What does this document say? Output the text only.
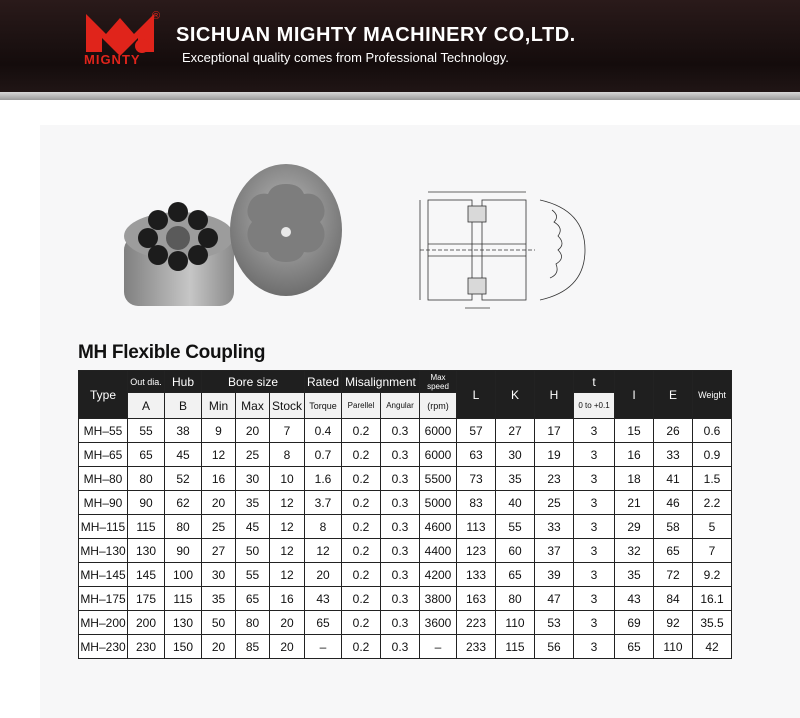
MIGNTY
®
SICHUAN MIGHTY MACHINERY CO,LTD.
Exceptional quality comes from Professional Technology.
MH Flexible Coupling
Type	Out dia.	Hub	Bore size			Rated	Misalignment		Max speed	L	K	H	t	I	E	Weight
	A	B	Min	Max	Stock	Torque	Parellel	Angular	(rpm)				0 to +0.1			
MH–55	55	38	9	20	7	0.4	0.2	0.3	6000	57	27	17	3	15	26	0.6
MH–65	65	45	12	25	8	0.7	0.2	0.3	6000	63	30	19	3	16	33	0.9
MH–80	80	52	16	30	10	1.6	0.2	0.3	5500	73	35	23	3	18	41	1.5
MH–90	90	62	20	35	12	3.7	0.2	0.3	5000	83	40	25	3	21	46	2.2
MH–115	115	80	25	45	12	8	0.2	0.3	4600	113	55	33	3	29	58	5
MH–130	130	90	27	50	12	12	0.2	0.3	4400	123	60	37	3	32	65	7
MH–145	145	100	30	55	12	20	0.2	0.3	4200	133	65	39	3	35	72	9.2
MH–175	175	115	35	65	16	43	0.2	0.3	3800	163	80	47	3	43	84	16.1
MH–200	200	130	50	80	20	65	0.2	0.3	3600	223	110	53	3	69	92	35.5
MH–230	230	150	20	85	20	–	0.2	0.3	–	233	115	56	3	65	110	42
